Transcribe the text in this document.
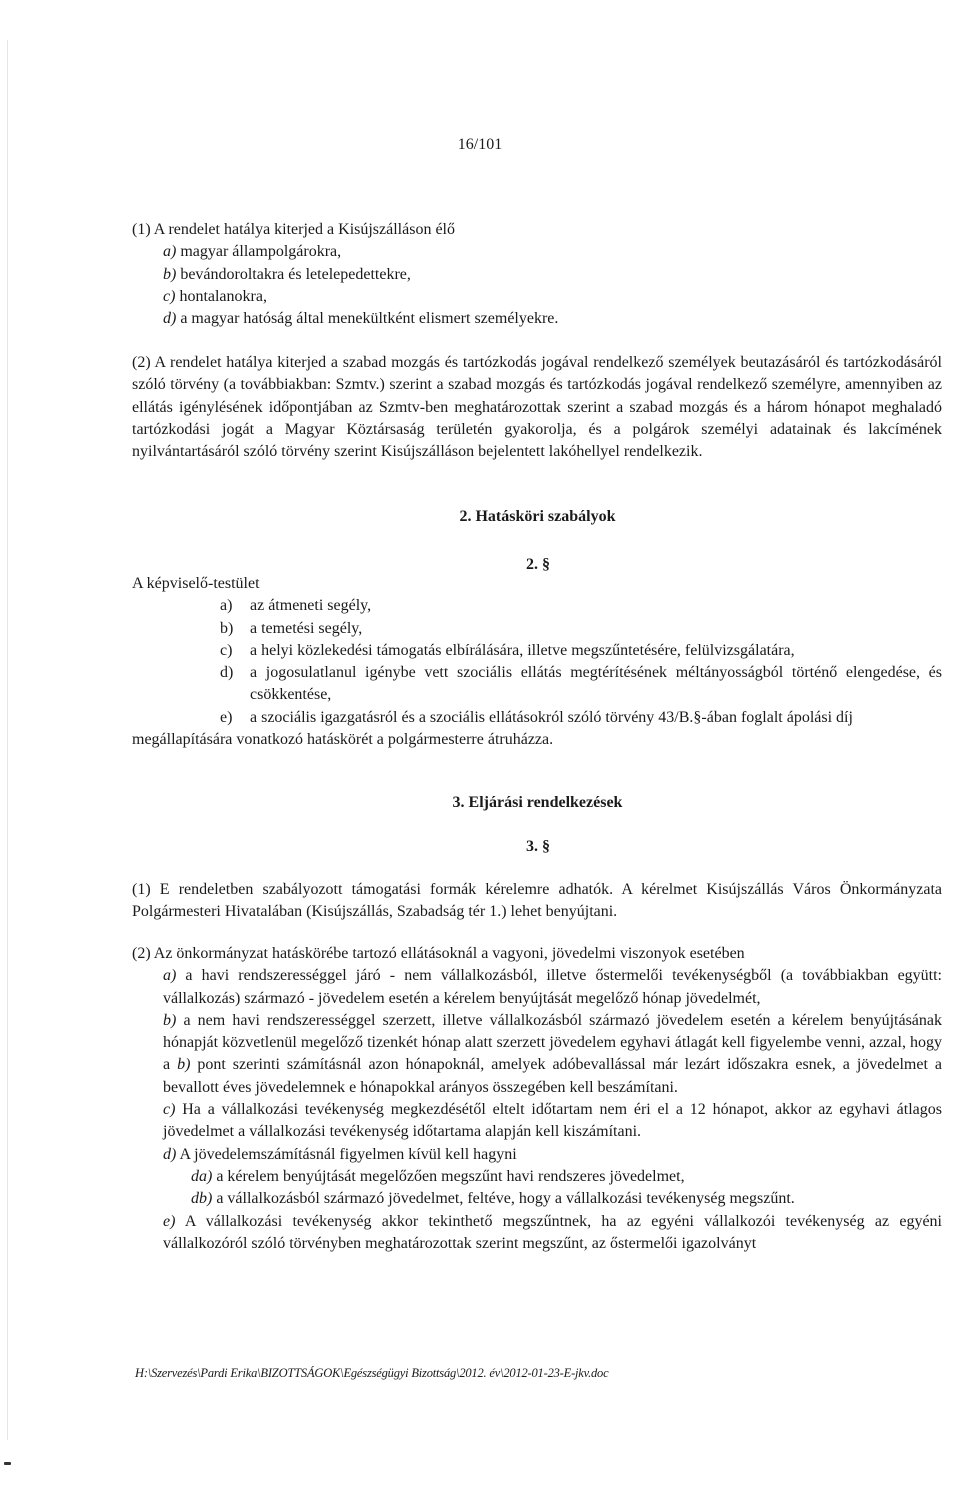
16/101

(1) A rendelet hatálya kiterjed a Kisújszálláson élő

a) magyar állampolgárokra,

b) bevándoroltakra és letelepedettekre,

c) hontalanokra,

d) a magyar hatóság által menekültként elismert személyekre.

(2) A rendelet hatálya kiterjed a szabad mozgás és tartózkodás jogával rendelkező személyek beutazásáról és tartózkodásáról szóló törvény (a továbbiakban: Szmtv.) szerint a szabad mozgás és tartózkodás jogával rendelkező személyre, amennyiben az ellátás igénylésének időpontjában az Szmtv-ben meghatározottak szerint a szabad mozgás és a három hónapot meghaladó tartózkodási jogát a Magyar Köztársaság területén gyakorolja, és a polgárok személyi adatainak és lakcímének nyilvántartásáról szóló törvény szerint Kisújszálláson bejelentett lakóhellyel rendelkezik.
2. Hatásköri szabályok
2. §

A képviselő-testület

a)	az átmeneti segély,
b)	a temetési segély,
c)	a helyi közlekedési támogatás elbírálására, illetve megszűntetésére, felülvizsgálatára,
d)	a jogosulatlanul igénybe vett szociális ellátás megtérítésének méltányosságból történő elengedése, és csökkentése,
e)	a szociális igazgatásról és a szociális ellátásokról szóló törvény 43/B.§-ában foglalt ápolási díj

megállapítására vonatkozó hatáskörét a polgármesterre átruházza.

3. Eljárási rendelkezések
3. §
(1) E rendeletben szabályozott támogatási formák kérelemre adhatók. A kérelmet Kisújszállás Város Önkormányzata Polgármesteri Hivatalában (Kisújszállás, Szabadság tér 1.) lehet benyújtani.

(2) Az önkormányzat hatáskörébe tartozó ellátásoknál a vagyoni, jövedelmi viszonyok esetében

a) a havi rendszerességgel járó - nem vállalkozásból, illetve őstermelői tevékenységből (a továbbiakban együtt: vállalkozás) származó - jövedelem esetén a kérelem benyújtását megelőző hónap jövedelmét,

b) a nem havi rendszerességgel szerzett, illetve vállalkozásból származó jövedelem esetén a kérelem benyújtásának hónapját közvetlenül megelőző tizenkét hónap alatt szerzett jövedelem egyhavi átlagát kell figyelembe venni, azzal, hogy a b) pont szerinti számításnál azon hónapoknál, amelyek adóbevallással már lezárt időszakra esnek, a jövedelmet a bevallott éves jövedelemnek e hónapokkal arányos összegében kell beszámítani.

c) Ha a vállalkozási tevékenység megkezdésétől eltelt időtartam nem éri el a 12 hónapot, akkor az egyhavi átlagos jövedelmet a vállalkozási tevékenység időtartama alapján kell kiszámítani.

d) A jövedelemszámításnál figyelmen kívül kell hagyni

da) a kérelem benyújtását megelőzően megszűnt havi rendszeres jövedelmet,

db) a vállalkozásból származó jövedelmet, feltéve, hogy a vállalkozási tevékenység megszűnt.

e) A vállalkozási tevékenység akkor tekinthető megszűntnek, ha az egyéni vállalkozói tevékenység az egyéni vállalkozóról szóló törvényben meghatározottak szerint megszűnt, az őstermelői igazolványt

H:\Szervezés\Pardi Erika\BIZOTTSÁGOK\Egészségügyi Bizottság\2012. év\2012-01-23-E-jkv.doc
